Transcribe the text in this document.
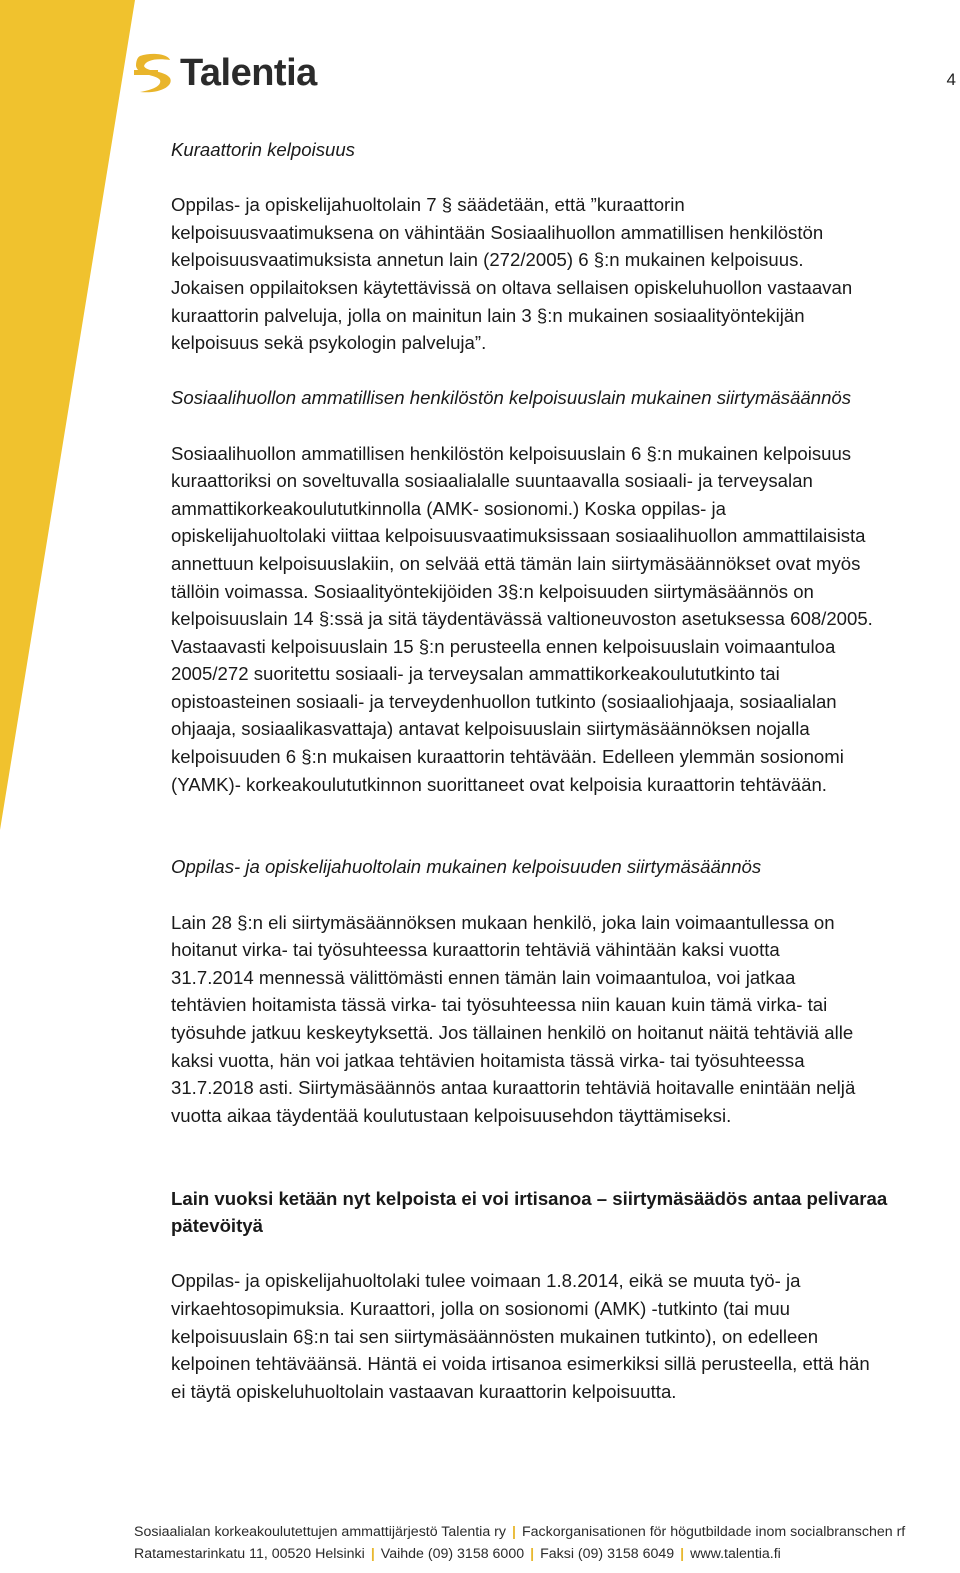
Talentia	4

Kuraattorin kelpoisuus

Oppilas- ja opiskelijahuoltolain 7 § säädetään, että ”kuraattorin

kelpoisuusvaatimuksena on vähintään Sosiaalihuollon ammatillisen henkilöstön

kelpoisuusvaatimuksista annetun lain (272/2005) 6 §:n mukainen kelpoisuus.

Jokaisen oppilaitoksen käytettävissä on oltava sellaisen opiskeluhuollon vastaavan

kuraattorin palveluja, jolla on mainitun lain 3 §:n mukainen sosiaalityöntekijän

kelpoisuus sekä psykologin palveluja”.

Sosiaalihuollon ammatillisen henkilöstön kelpoisuuslain mukainen siirtymäsäännös

Sosiaalihuollon ammatillisen henkilöstön kelpoisuuslain 6 §:n mukainen kelpoisuus

kuraattoriksi on soveltuvalla sosiaalialalle suuntaavalla sosiaali- ja terveysalan

ammattikorkeakoulututkinnolla (AMK- sosionomi.) Koska oppilas- ja

opiskelijahuoltolaki viittaa kelpoisuusvaatimuksissaan sosiaalihuollon ammattilaisista

annettuun kelpoisuuslakiin, on selvää että tämän lain siirtymäsäännökset ovat myös

tällöin voimassa. Sosiaalityöntekijöiden 3§:n kelpoisuuden siirtymäsäännös on

kelpoisuuslain 14 §:ssä ja sitä täydentävässä valtioneuvoston asetuksessa 608/2005.

Vastaavasti kelpoisuuslain 15 §:n perusteella ennen kelpoisuuslain voimaantuloa

2005/272 suoritettu sosiaali- ja terveysalan ammattikorkeakoulututkinto tai

opistoasteinen sosiaali- ja terveydenhuollon tutkinto (sosiaaliohjaaja, sosiaalialan

ohjaaja, sosiaalikasvattaja) antavat kelpoisuuslain siirtymäsäännöksen nojalla

kelpoisuuden 6 §:n mukaisen kuraattorin tehtävään. Edelleen ylemmän sosionomi

(YAMK)- korkeakoulututkinnon suorittaneet ovat kelpoisia kuraattorin tehtävään.

Oppilas- ja opiskelijahuoltolain mukainen kelpoisuuden siirtymäsäännös

Lain 28 §:n eli siirtymäsäännöksen mukaan henkilö, joka lain voimaantullessa on

hoitanut virka- tai työsuhteessa kuraattorin tehtäviä vähintään kaksi vuotta

31.7.2014 mennessä välittömästi ennen tämän lain voimaantuloa, voi jatkaa

tehtävien hoitamista tässä virka- tai työsuhteessa niin kauan kuin tämä virka- tai

työsuhde jatkuu keskeytyksettä. Jos tällainen henkilö on hoitanut näitä tehtäviä alle

kaksi vuotta, hän voi jatkaa tehtävien hoitamista tässä virka- tai työsuhteessa

31.7.2018 asti. Siirtymäsäännös antaa kuraattorin tehtäviä hoitavalle enintään neljä

vuotta aikaa täydentää koulutustaan kelpoisuusehdon täyttämiseksi.

Lain vuoksi ketään nyt kelpoista ei voi irtisanoa – siirtymäsäädös antaa pelivaraa

pätevöityä

Oppilas- ja opiskelijahuoltolaki tulee voimaan 1.8.2014, eikä se muuta työ- ja

virkaehtosopimuksia. Kuraattori, jolla on sosionomi (AMK) -tutkinto (tai muu

kelpoisuuslain 6§:n tai sen siirtymäsäännösten mukainen tutkinto), on edelleen

kelpoinen tehtäväänsä. Häntä ei voida irtisanoa esimerkiksi sillä perusteella, että hän

ei täytä opiskeluhuoltolain vastaavan kuraattorin kelpoisuutta.

Sosiaalialan korkeakoulutettujen ammattijärjestö Talentia ry | Fackorganisationen för högutbildade inom socialbranschen rf
Ratamestarinkatu 11, 00520 Helsinki | Vaihde (09) 3158 6000 | Faksi (09) 3158 6049 | www.talentia.fi
